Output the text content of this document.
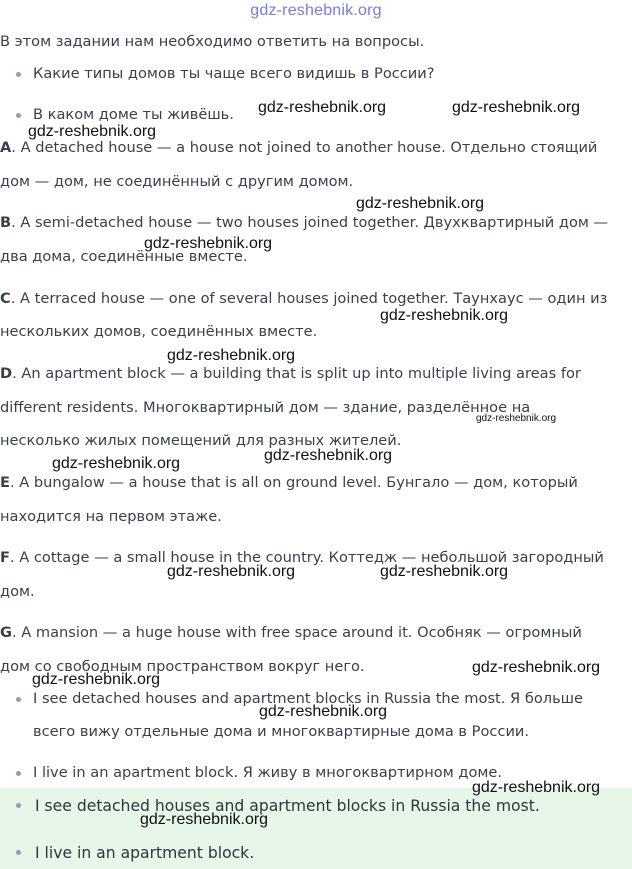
gdz-reshebnik.org
В этом задании нам необходимо ответить на вопросы.
Какие типы домов ты чаще всего видишь в России?
В каком доме ты живёшь.
A. A detached house — a house not joined to another house. Отдельно стоящий
дом — дом, не соединённый с другим домом.
B. A semi-detached house — two houses joined together. Двухквартирный дом —
два дома, соединённые вместе.
C. A terraced house — one of several houses joined together. Таунхаус — один из
нескольких домов, соединённых вместе.
D. An apartment block — a building that is split up into multiple living areas for
different residents. Многоквартирный дом — здание, разделённое на
несколько жилых помещений для разных жителей.
E. A bungalow — a house that is all on ground level. Бунгало — дом, который
находится на первом этаже.
F. A cottage — a small house in the country. Коттедж — небольшой загородный
дом.
G. A mansion — a huge house with free space around it. Особняк — огромный
дом со свободным пространством вокруг него.
I see detached houses and apartment blocks in Russia the most. Я больше
всего вижу отдельные дома и многоквартирные дома в России.
I live in an apartment block. Я живу в многоквартирном доме.
I see detached houses and apartment blocks in Russia the most.
I live in an apartment block.
gdz-reshebnik.org	gdz-reshebnik.org
gdz-reshebnik.org
gdz-reshebnik.org
gdz-reshebnik.org
gdz-reshebnik.org
gdz-reshebnik.org
gdz-reshebnik.org
gdz-reshebnik.org
gdz-reshebnik.org
gdz-reshebnik.org	gdz-reshebnik.org
gdz-reshebnik.org
gdz-reshebnik.org
gdz-reshebnik.org
gdz-reshebnik.org
gdz-reshebnik.org
